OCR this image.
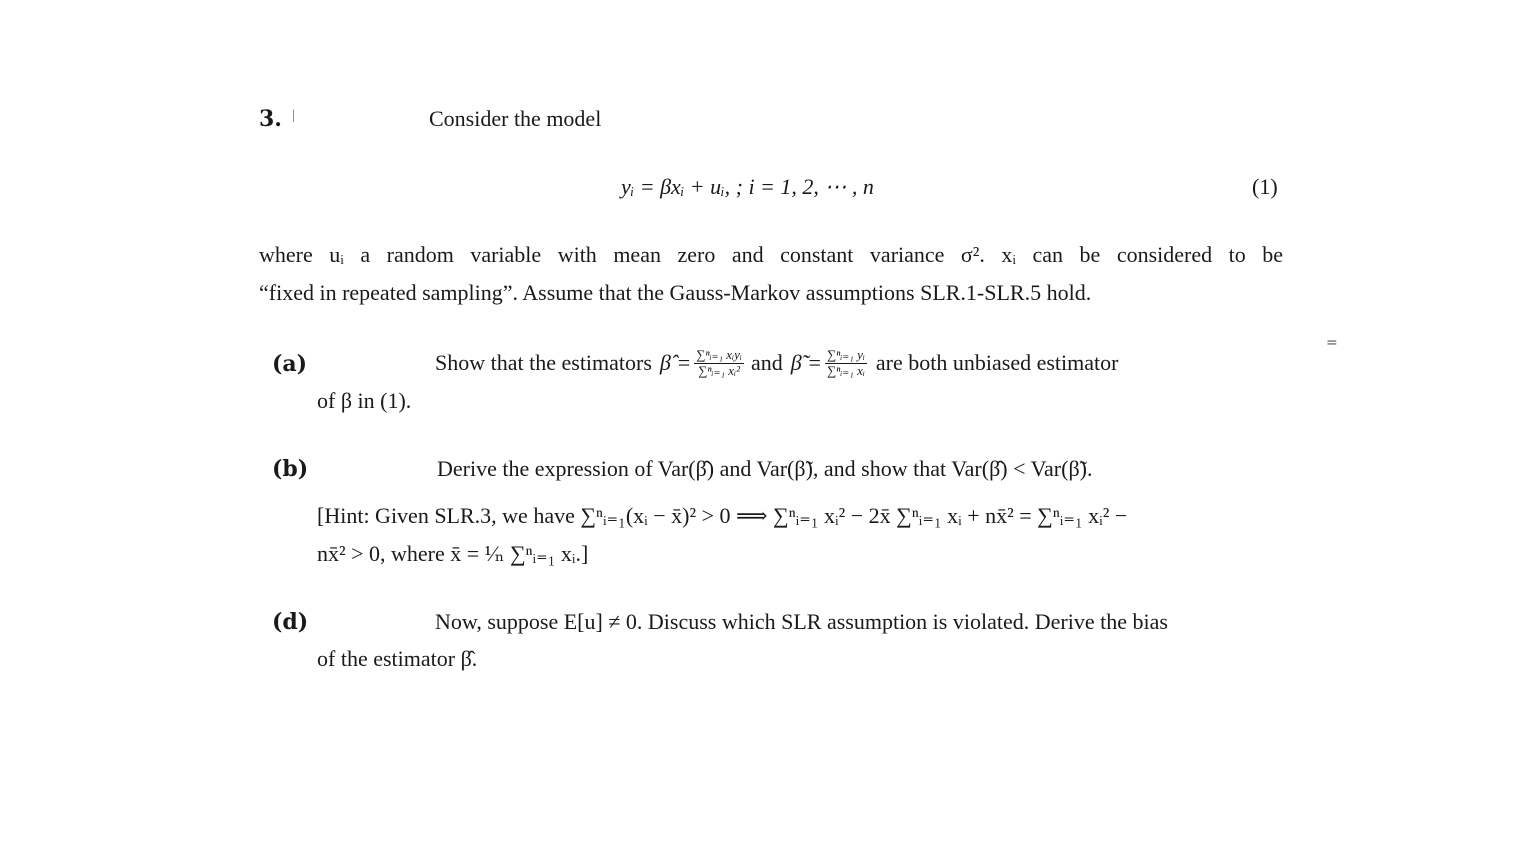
3. |	Consider the model
yᵢ = βxᵢ + uᵢ, ; i = 1, 2, ⋯ , n	(1)
where uᵢ a random variable with mean zero and constant variance σ². xᵢ can be considered to be
“fixed in repeated sampling”. Assume that the Gauss-Markov assumptions SLR.1-SLR.5 hold.
=
(a)	Show that the estimators β̂ = $\frac{\text{∑ⁿᵢ₌₁ xᵢyᵢ}}{\text{∑ⁿᵢ₌₁ xᵢ²}}$ and β̃ = $\frac{\text{∑ⁿᵢ₌₁ yᵢ}}{\text{∑ⁿᵢ₌₁ xᵢ}}$ are both unbiased estimator
of β in (1).
(b)	Derive the expression of Var(β̂) and Var(β̃), and show that Var(β̂) < Var(β̃).
[Hint: Given SLR.3, we have ∑ⁿᵢ₌₁(xᵢ − x̄)² > 0 ⟹ ∑ⁿᵢ₌₁ xᵢ² − 2x̄ ∑ⁿᵢ₌₁ xᵢ + nx̄² = ∑ⁿᵢ₌₁ xᵢ² −
nx̄² > 0, where x̄ = ¹⁄ₙ ∑ⁿᵢ₌₁ xᵢ.]
(d)	Now, suppose E[u] ≠ 0. Discuss which SLR assumption is violated. Derive the bias
of the estimator β̂.
